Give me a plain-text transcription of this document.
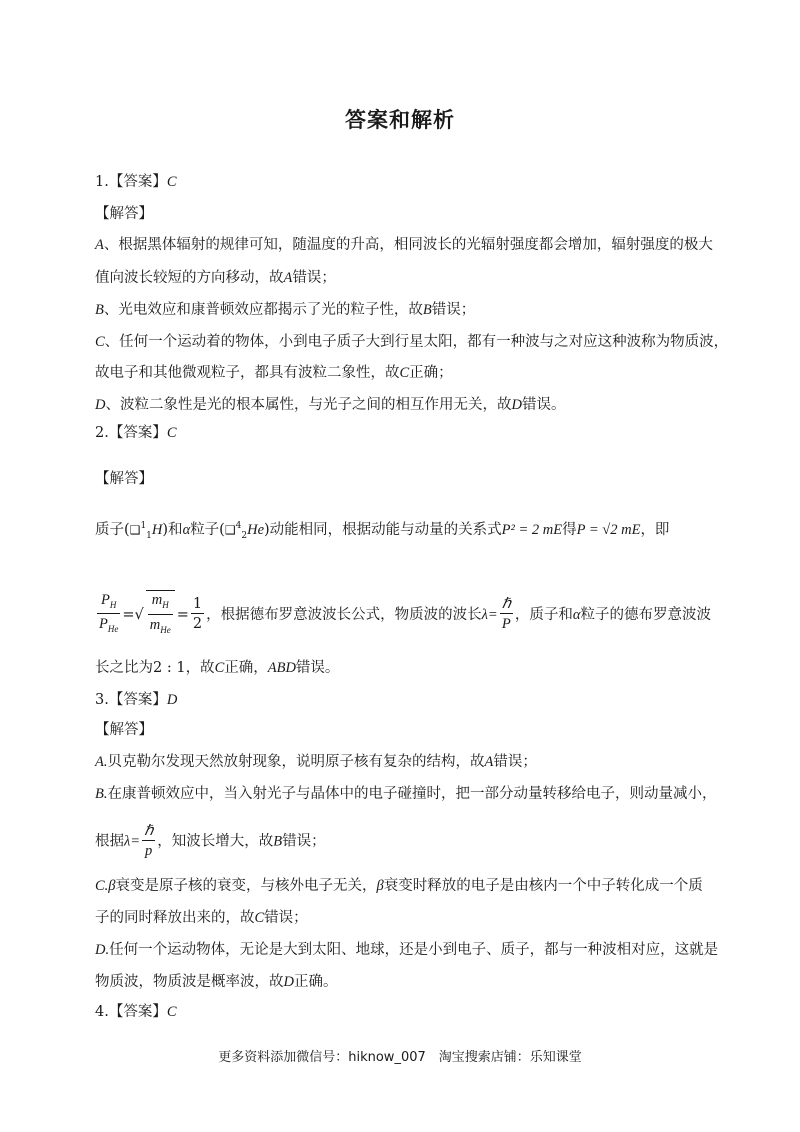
答案和解析
1.【答案】C
【解答】
A、根据黑体辐射的规律可知，随温度的升高，相同波长的光辐射强度都会增加，辐射强度的极大
值向波长较短的方向移动，故A错误；
B、光电效应和康普顿效应都揭示了光的粒子性，故B错误；
C、任何一个运动着的物体，小到电子质子大到行星太阳，都有一种波与之对应这种波称为物质波，
故电子和其他微观粒子，都具有波粒二象性，故C正确；
D、波粒二象性是光的根本属性，与光子之间的相互作用无关，故D错误。
2.【答案】C
【解答】
质子(❑$^1_1$H)和α粒子(❑$^4_2$He)动能相同，根据动能与动量的关系式P² = 2 mE得P = √2 mE，即
$\frac{P_H}{P_{He}}$ =√ $\frac{m_H}{m_{He}} = \frac{1}{2}$ ，根据德布罗意波波长公式，物质波的波长$\lambda= \frac{\text{ℏ}}{P}$ ，质子和α粒子的德布罗意波波
长之比为2 : 1，故C正确，ABD错误。
3.【答案】D
【解答】
A.贝克勒尔发现天然放射现象，说明原子核有复杂的结构，故A错误；
B.在康普顿效应中，当入射光子与晶体中的电子碰撞时，把一部分动量转移给电子，则动量减小，
根据$\lambda= \frac{\text{ℏ}}{p}$ ，知波长增大，故B错误；
C.β衰变是原子核的衰变，与核外电子无关，β衰变时释放的电子是由核内一个中子转化成一个质
子的同时释放出来的，故C错误；
D.任何一个运动物体，无论是大到太阳、地球，还是小到电子、质子，都与一种波相对应，这就是
物质波，物质波是概率波，故D正确。
4.【答案】C
更多资料添加微信号：hiknow_007　淘宝搜索店铺：乐知课堂
